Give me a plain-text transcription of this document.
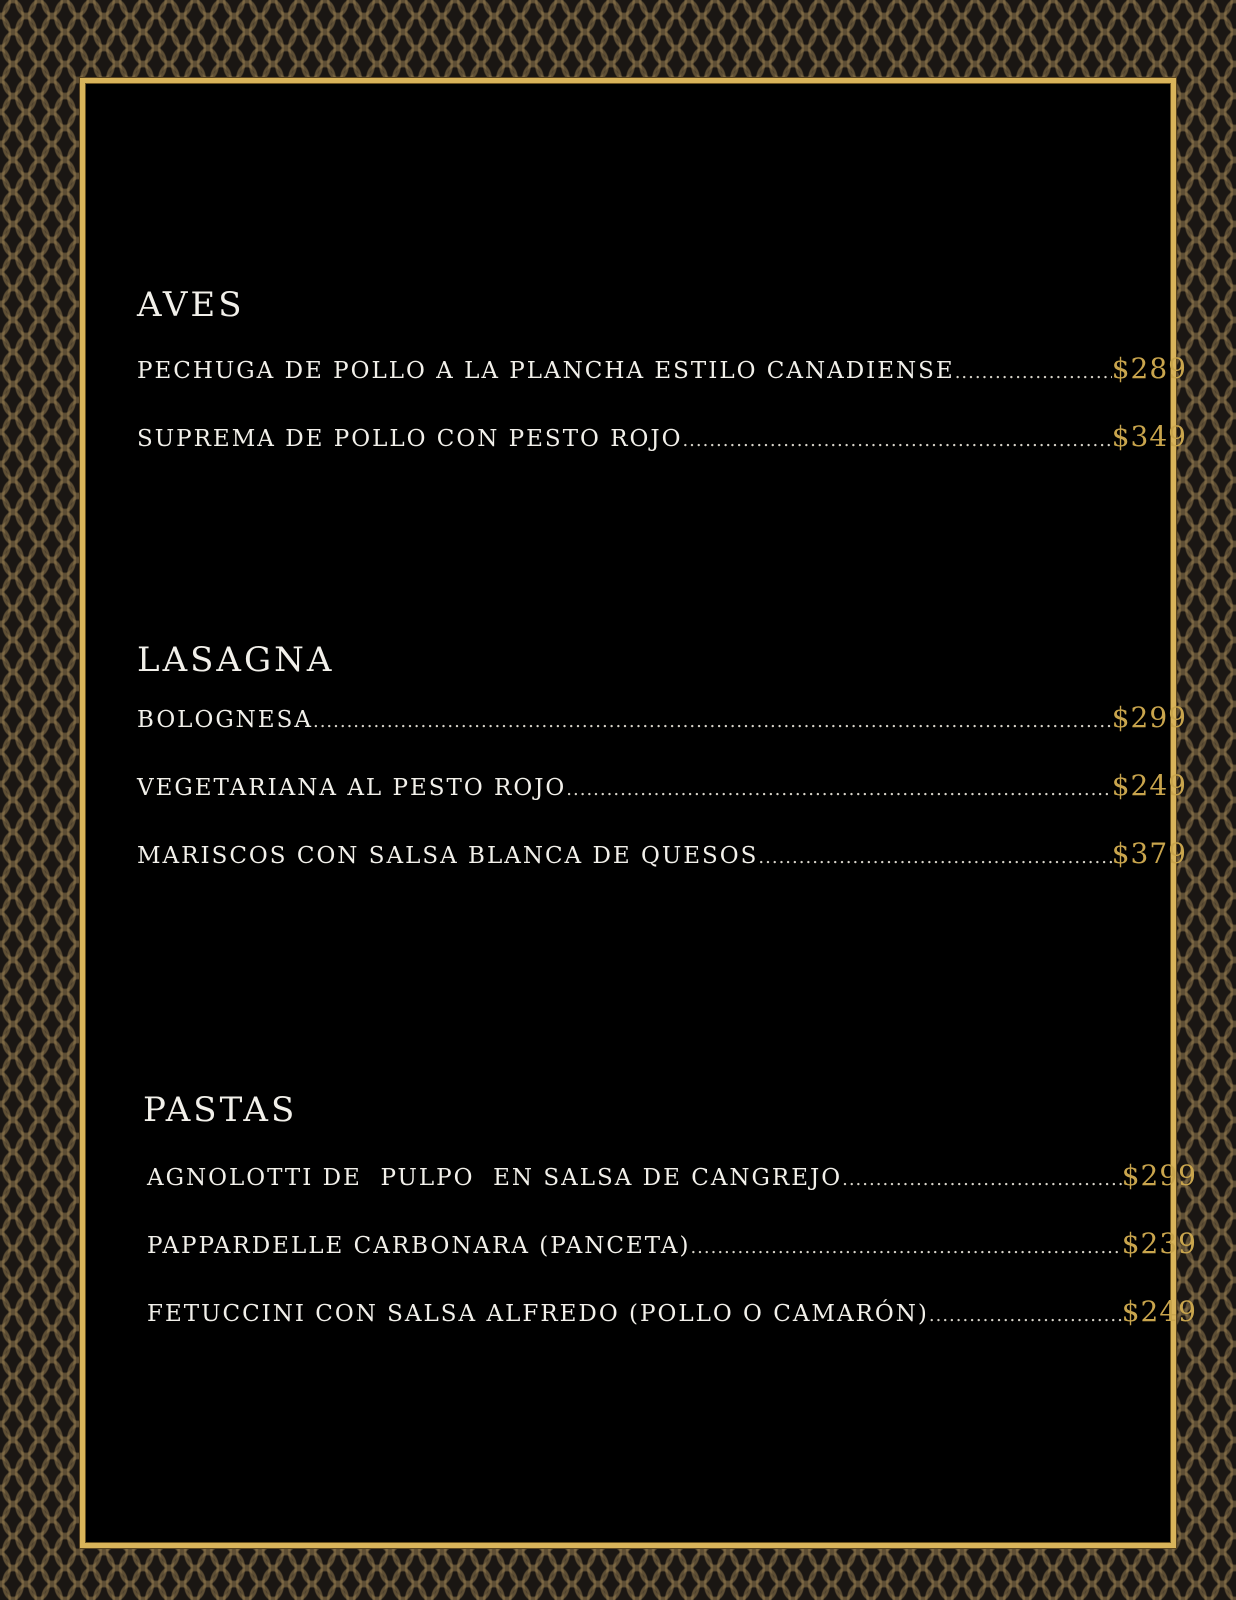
AVES
PECHUGA DE POLLO A LA PLANCHA ESTILO CANADIENSE .....	$289
SUPREMA DE POLLO CON PESTO ROJO .....	$349
LASAGNA
BOLOGNESA .....	$299
VEGETARIANA AL PESTO ROJO .....	$249
MARISCOS CON SALSA BLANCA DE QUESOS .....	$379
PASTAS
AGNOLOTTI DE  PULPO  EN SALSA DE CANGREJO .....	$299
PAPPARDELLE CARBONARA (PANCETA) .....	$239
FETUCCINI CON SALSA ALFREDO (POLLO O CAMARÓN) .....	$249
